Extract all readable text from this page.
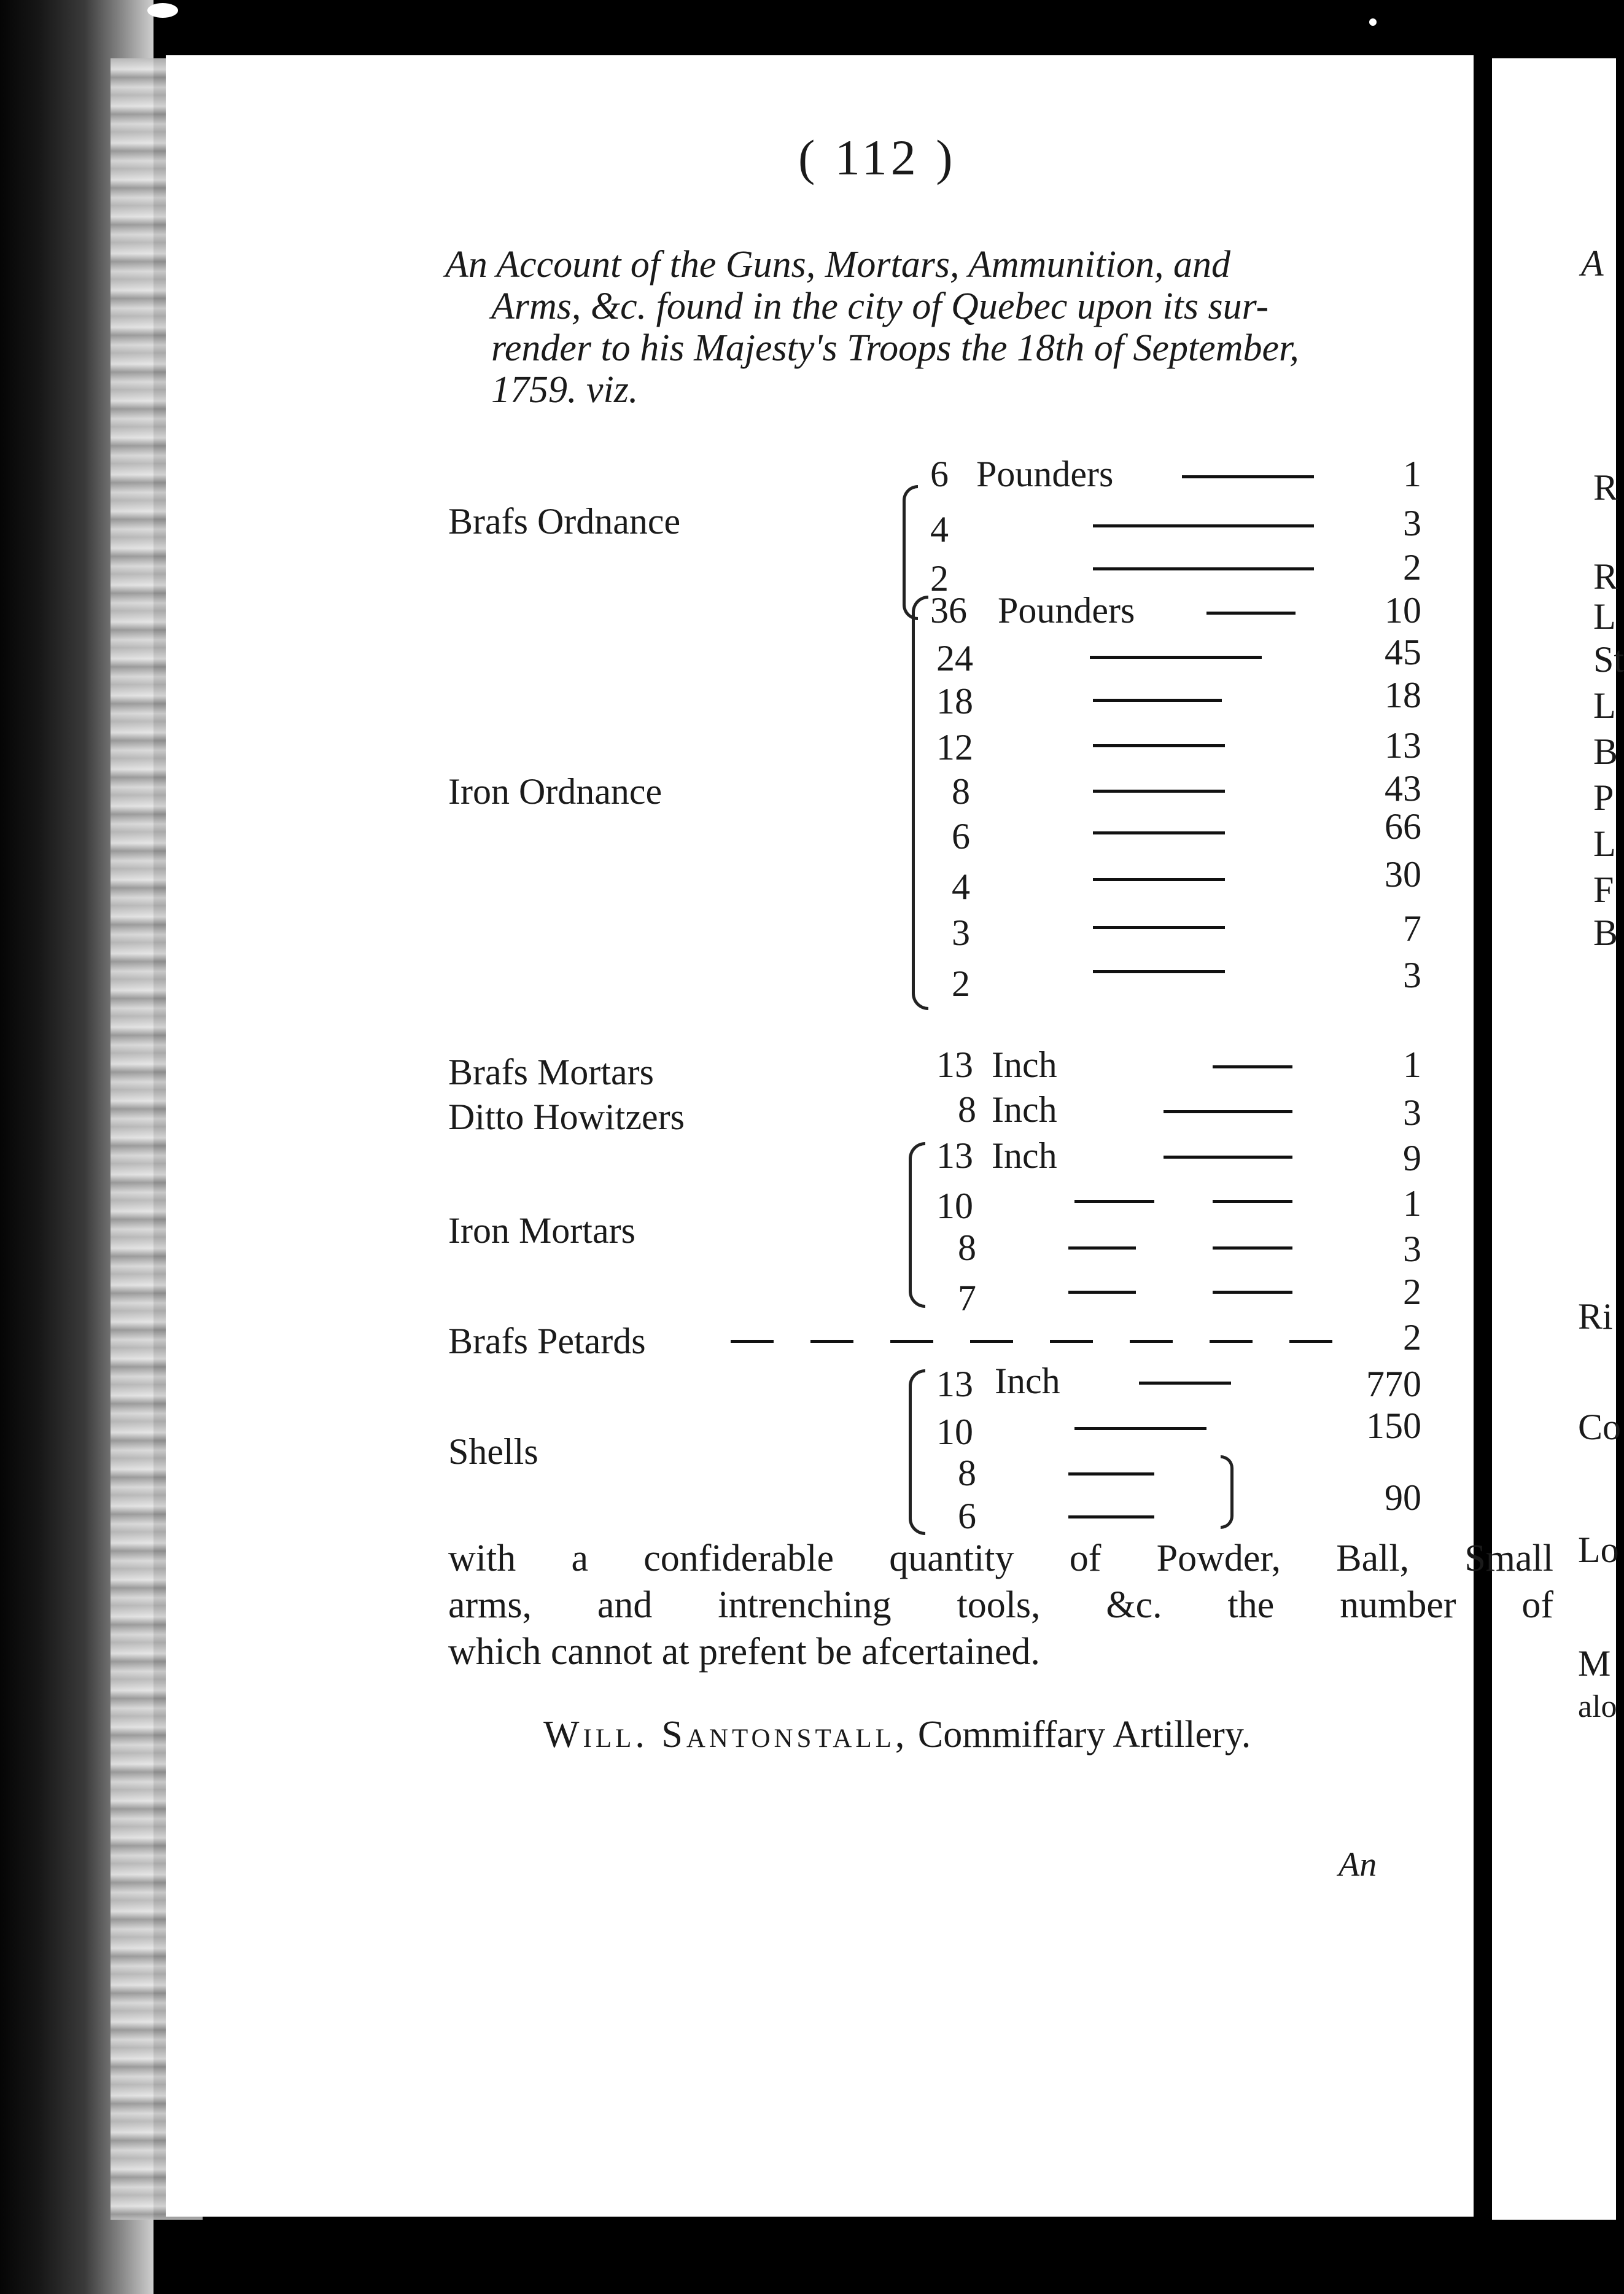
A
R
R
L
St
L
B
P
L
F
B
Ri
Co
Lo
M
alo
( 112 )
An Account of the Guns, Mortars, Ammunition, and
Arms, &c. found in the city of Quebec upon its sur-
render to his Majesty's Troops the 18th of September,
1759. viz.
Brafs Ordnance
6 Pounders	1
4	3
2	2
Iron Ordnance
36 Pounders	10
24	45
18	18
12	13
8	43
6	66
4	30
3	7
2	3
Brafs Mortars	13 Inch	1
Ditto Howitzers	8 Inch	3
Iron Mortars
13 Inch	9
10	1
8	3
7	2
Brafs Petards	2
Shells
13 Inch	770
10	150
8
6	90
with a confiderable quantity of Powder, Ball, Small
arms, and intrenching tools, &c. the number of
which cannot at prefent be afcertained.
Will. Santonstall, Commiffary Artillery.
An
